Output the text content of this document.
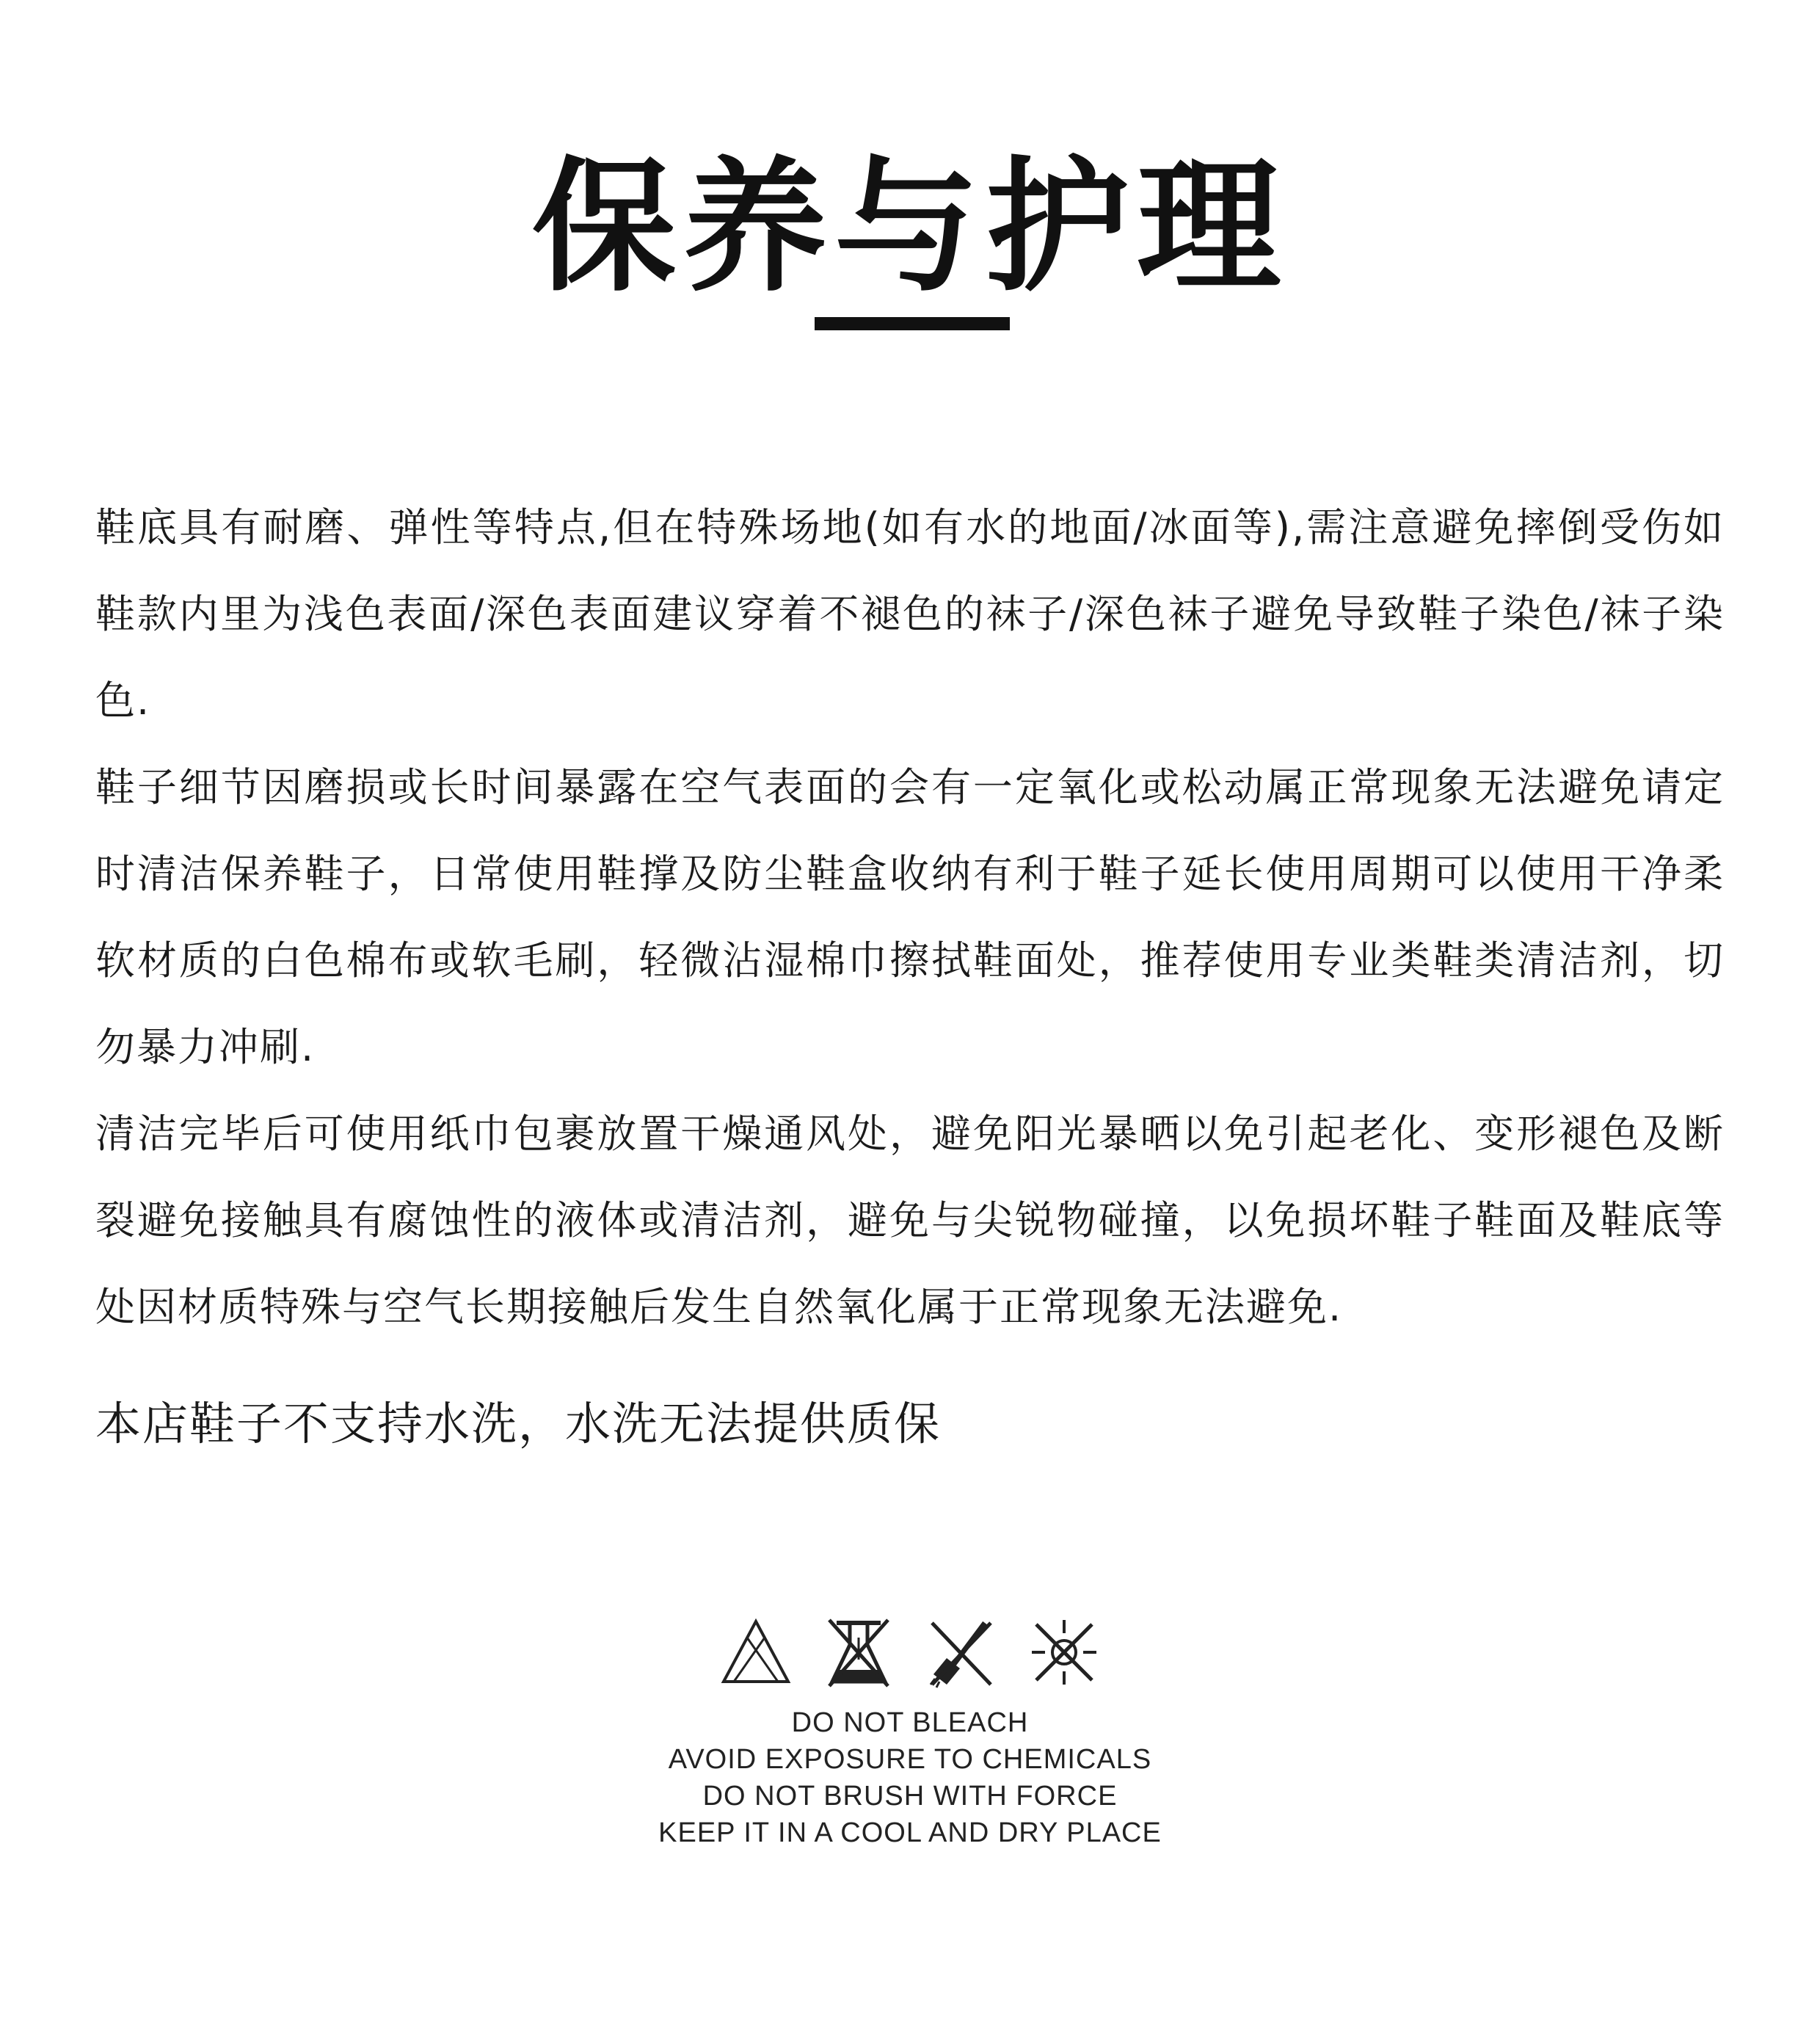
保养与护理

鞋底具有耐磨、弹性等特点,但在特殊场地(如有水的地面/冰面等),需注意避免摔倒受伤如鞋款内里为浅色表面/深色表面建议穿着不褪色的袜子/深色袜子避免导致鞋子染色/袜子染色.

鞋子细节因磨损或长时间暴露在空气表面的会有一定氧化或松动属正常现象无法避免请定时清洁保养鞋子，日常使用鞋撑及防尘鞋盒收纳有利于鞋子延长使用周期可以使用干净柔软材质的白色棉布或软毛刷，轻微沾湿棉巾擦拭鞋面处，推荐使用专业类鞋类清洁剂，切勿暴力冲刷.

清洁完毕后可使用纸巾包裹放置干燥通风处，避免阳光暴晒以免引起老化、变形褪色及断裂避免接触具有腐蚀性的液体或清洁剂，避免与尖锐物碰撞，以免损坏鞋子鞋面及鞋底等处因材质特殊与空气长期接触后发生自然氧化属于正常现象无法避免.

本店鞋子不支持水洗，水洗无法提供质保

DO NOT BLEACH

AVOID EXPOSURE TO CHEMICALS

DO NOT BRUSH WITH FORCE

KEEP IT IN A COOL AND DRY PLACE
